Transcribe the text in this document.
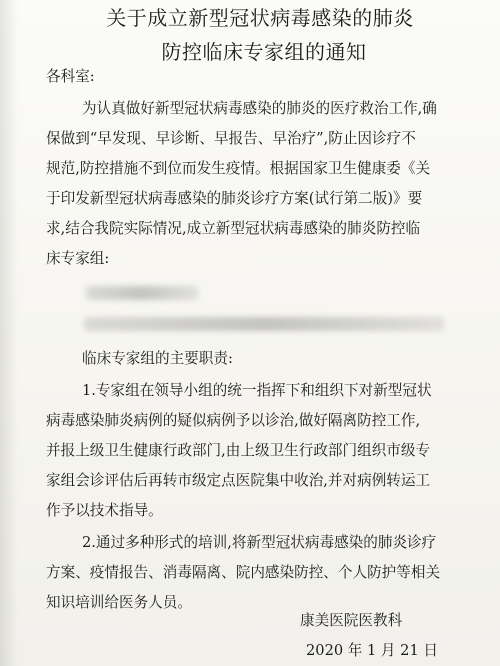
关于成立新型冠状病毒感染的肺炎
防控临床专家组的通知
各科室:
为认真做好新型冠状病毒感染的肺炎的医疗救治工作,确
保做到“早发现、早诊断、早报告、早治疗”,防止因诊疗不
规范,防控措施不到位而发生疫情。根据国家卫生健康委《关
于印发新型冠状病毒感染的肺炎诊疗方案(试行第二版)》要
求,结合我院实际情况,成立新型冠状病毒感染的肺炎防控临
床专家组:
临床专家组的主要职责:
1.专家组在领导小组的统一指挥下和组织下对新型冠状
病毒感染肺炎病例的疑似病例予以诊治,做好隔离防控工作,
并报上级卫生健康行政部门,由上级卫生行政部门组织市级专
家组会诊评估后再转市级定点医院集中收治,并对病例转运工
作予以技术指导。
2.通过多种形式的培训,将新型冠状病毒感染的肺炎诊疗
方案、疫情报告、消毒隔离、院内感染防控、个人防护等相关
知识培训给医务人员。
康美医院医教科
2020 年 1 月 21 日
